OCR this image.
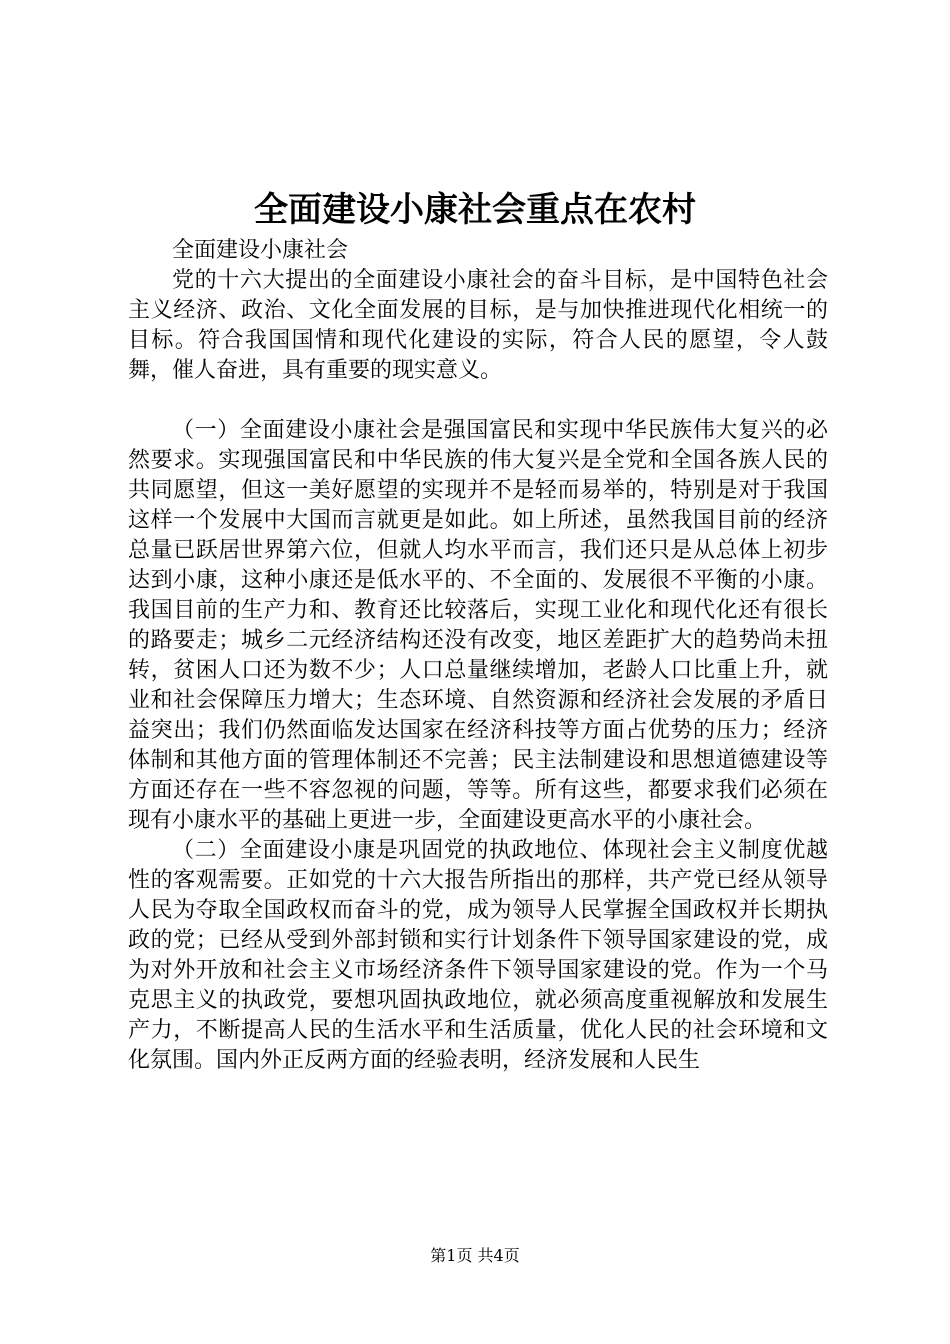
全面建设小康社会重点在农村

全面建设小康社会

党的十六大提出的全面建设小康社会的奋斗目标，是中国特色社会主义经济、政治、文化全面发展的目标，是与加快推进现代化相统一的目标。符合我国国情和现代化建设的实际，符合人民的愿望，令人鼓舞，催人奋进，具有重要的现实意义。

（一）全面建设小康社会是强国富民和实现中华民族伟大复兴的必然要求。实现强国富民和中华民族的伟大复兴是全党和全国各族人民的共同愿望，但这一美好愿望的实现并不是轻而易举的，特别是对于我国这样一个发展中大国而言就更是如此。如上所述，虽然我国目前的经济总量已跃居世界第六位，但就人均水平而言，我们还只是从总体上初步达到小康，这种小康还是低水平的、不全面的、发展很不平衡的小康。我国目前的生产力和、教育还比较落后，实现工业化和现代化还有很长的路要走；城乡二元经济结构还没有改变，地区差距扩大的趋势尚未扭转，贫困人口还为数不少；人口总量继续增加，老龄人口比重上升，就业和社会保障压力增大；生态环境、自然资源和经济社会发展的矛盾日益突出；我们仍然面临发达国家在经济科技等方面占优势的压力；经济体制和其他方面的管理体制还不完善；民主法制建设和思想道德建设等方面还存在一些不容忽视的问题，等等。所有这些，都要求我们必须在现有小康水平的基础上更进一步，全面建设更高水平的小康社会。

（二）全面建设小康是巩固党的执政地位、体现社会主义制度优越性的客观需要。正如党的十六大报告所指出的那样，共产党已经从领导人民为夺取全国政权而奋斗的党，成为领导人民掌握全国政权并长期执政的党；已经从受到外部封锁和实行计划条件下领导国家建设的党，成为对外开放和社会主义市场经济条件下领导国家建设的党。作为一个马克思主义的执政党，要想巩固执政地位，就必须高度重视解放和发展生产力，不断提高人民的生活水平和生活质量，优化人民的社会环境和文化氛围。国内外正反两方面的经验表明，经济发展和人民生

第1页 共4页
